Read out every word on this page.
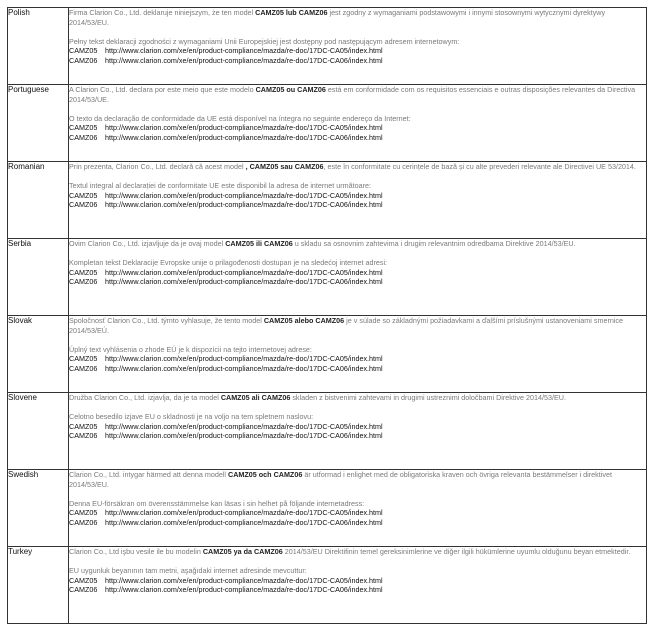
Polish	Firma Clarion Co., Ltd. deklaruje niniejszym, że ten model CAMZ05 lub CAMZ06 jest zgodny z wymaganiami podstawowymi i innymi stosownymi wytycznymi dyrektywy 2014/53/EU.
Pełny tekst deklaracji zgodności z wymaganiami Unii Europejskiej jest dostępny pod następującym adresem internetowym:
CAMZ05 http://www.clarion.com/xe/en/product-compliance/mazda/re-doc/17DC-CA05/index.html
CAMZ06 http://www.clarion.com/xe/en/product-compliance/mazda/re-doc/17DC-CA06/index.html

Portuguese	A Clarion Co., Ltd. declara por este meio que este modelo CAMZ05 ou CAMZ06 está em conformidade com os requisitos essenciais e outras disposições relevantes da Directiva 2014/53/UE.
O texto da declaração de conformidade da UE está disponível na íntegra no seguinte endereço da Internet:
CAMZ05 http://www.clarion.com/xe/en/product-compliance/mazda/re-doc/17DC-CA05/index.html
CAMZ06 http://www.clarion.com/xe/en/product-compliance/mazda/re-doc/17DC-CA06/index.html

Romanian	Prin prezenta, Clarion Co., Ltd. declară că acest model , CAMZ05 sau CAMZ06, este în conformitate cu cerințele de bază și cu alte prevederi relevante ale Directivei UE 53/2014.
Textul integral al declarației de conformitate UE este disponibil la adresa de internet următoare:
CAMZ05 http://www.clarion.com/xe/en/product-compliance/mazda/re-doc/17DC-CA05/index.html
CAMZ06 http://www.clarion.com/xe/en/product-compliance/mazda/re-doc/17DC-CA06/index.html

Serbia	Ovim Clarion Co., Ltd. izjavljuje da je ovaj model CAMZ05 ili CAMZ06 u skladu sa osnovnim zahtevima i drugim relevantnim odredbama Direktive 2014/53/EU.
Kompletan tekst Deklaracije Evropske unije o prilagođenosti dostupan je na sledećoj internet adresi:
CAMZ05 http://www.clarion.com/xe/en/product-compliance/mazda/re-doc/17DC-CA05/index.html
CAMZ06 http://www.clarion.com/xe/en/product-compliance/mazda/re-doc/17DC-CA06/index.html

Slovak	Spoločnosť Clarion Co., Ltd. týmto vyhlasuje, že tento model CAMZ05 alebo CAMZ06 je v súlade so základnými požiadavkami a ďalšími príslušnými ustanoveniami smernice 2014/53/EÚ.
Úplný text vyhlásenia o zhode EÚ je k dispozícii na tejto internetovej adrese:
CAMZ05 http://www.clarion.com/xe/en/product-compliance/mazda/re-doc/17DC-CA05/index.html
CAMZ06 http://www.clarion.com/xe/en/product-compliance/mazda/re-doc/17DC-CA06/index.html

Slovene	Družba Clarion Co., Ltd. izjavlja, da je ta model CAMZ05 ali CAMZ06 skladen z bistvenimi zahtevami in drugimi ustreznimi določbami Direktive 2014/53/EU.
Celotno besedilo izjave EU o skladnosti je na voljo na tem spletnem naslovu:
CAMZ05 http://www.clarion.com/xe/en/product-compliance/mazda/re-doc/17DC-CA05/index.html
CAMZ06 http://www.clarion.com/xe/en/product-compliance/mazda/re-doc/17DC-CA06/index.html

Swedish	Clarion Co., Ltd. intygar härmed att denna modell CAMZ05 och CAMZ06 är utformad i enlighet med de obligatoriska kraven och övriga relevanta bestämmelser i direktivet 2014/53/EU.
Denna EU-försäkran om överensstämmelse kan läsas i sin helhet på följande internetadress:
CAMZ05 http://www.clarion.com/xe/en/product-compliance/mazda/re-doc/17DC-CA05/index.html
CAMZ06 http://www.clarion.com/xe/en/product-compliance/mazda/re-doc/17DC-CA06/index.html

Turkey	Clarion Co., Ltd işbu vesile ile bu modelin CAMZ05 ya da CAMZ06 2014/53/EU Direktifinin temel gereksinimlerine ve diğer ilgili hükümlerine uyumlu olduğunu beyan etmektedir.
EU uygunluk beyanının tam metni, aşağıdaki internet adresinde mevcuttur:
CAMZ05 http://www.clarion.com/xe/en/product-compliance/mazda/re-doc/17DC-CA05/index.html
CAMZ06 http://www.clarion.com/xe/en/product-compliance/mazda/re-doc/17DC-CA06/index.html
